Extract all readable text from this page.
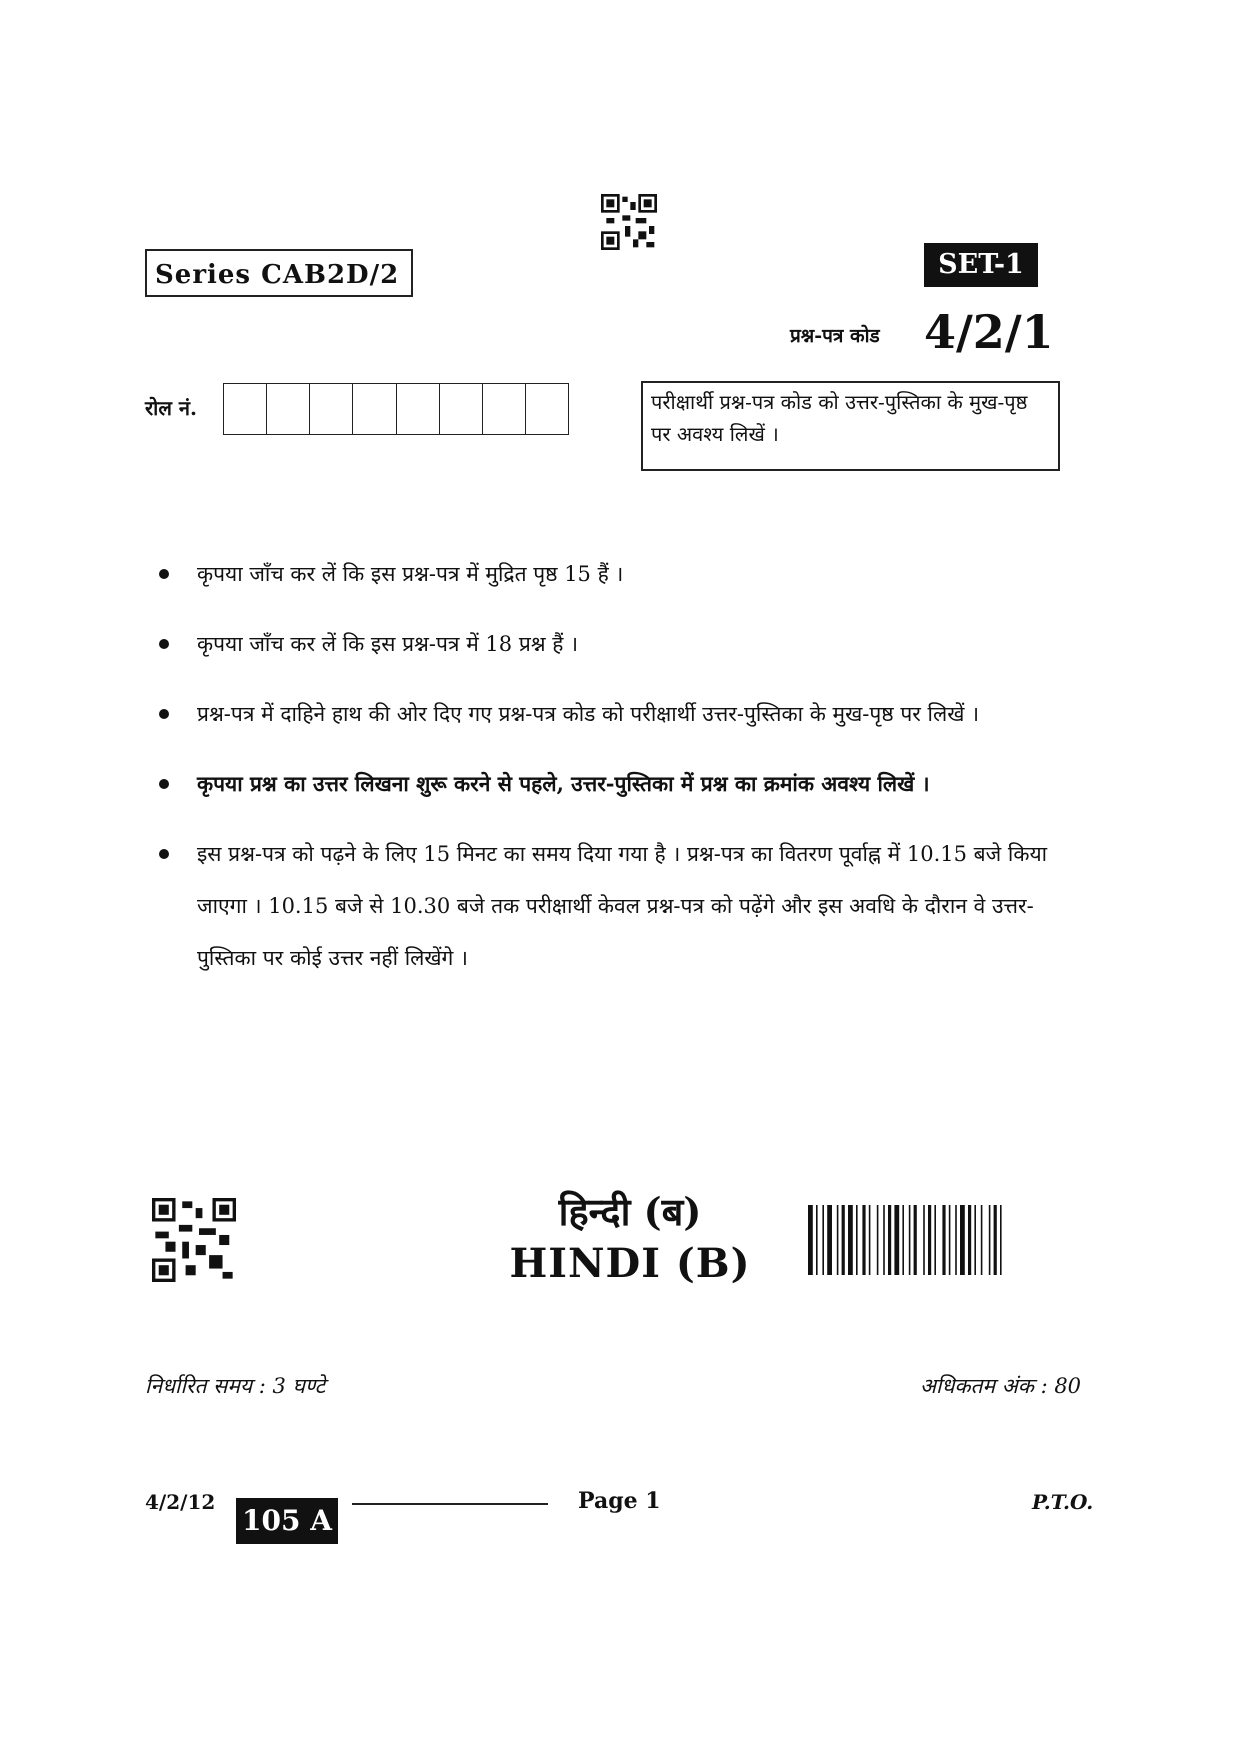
Series CAB2D/2	SET-1
प्रश्न-पत्र कोड 4/2/1
रोल नं.	परीक्षार्थी प्रश्न-पत्र कोड को उत्तर-पुस्तिका के मुख-पृष्ठ पर अवश्य लिखें ।
कृपया जाँच कर लें कि इस प्रश्न-पत्र में मुद्रित पृष्ठ 15 हैं ।
कृपया जाँच कर लें कि इस प्रश्न-पत्र में 18 प्रश्न हैं ।
प्रश्न-पत्र में दाहिने हाथ की ओर दिए गए प्रश्न-पत्र कोड को परीक्षार्थी उत्तर-पुस्तिका के मुख-पृष्ठ पर लिखें ।
कृपया प्रश्न का उत्तर लिखना शुरू करने से पहले, उत्तर-पुस्तिका में प्रश्न का क्रमांक अवश्य लिखें ।
इस प्रश्न-पत्र को पढ़ने के लिए 15 मिनट का समय दिया गया है । प्रश्न-पत्र का वितरण पूर्वाह्न में 10.15 बजे किया जाएगा । 10.15 बजे से 10.30 बजे तक परीक्षार्थी केवल प्रश्न-पत्र को पढ़ेंगे और इस अवधि के दौरान वे उत्तर-पुस्तिका पर कोई उत्तर नहीं लिखेंगे ।
हिन्दी (ब)
HINDI (B)
निर्धारित समय : 3 घण्टे	अधिकतम अंक : 80
4/2/12
105 A
Page 1	P.T.O.
